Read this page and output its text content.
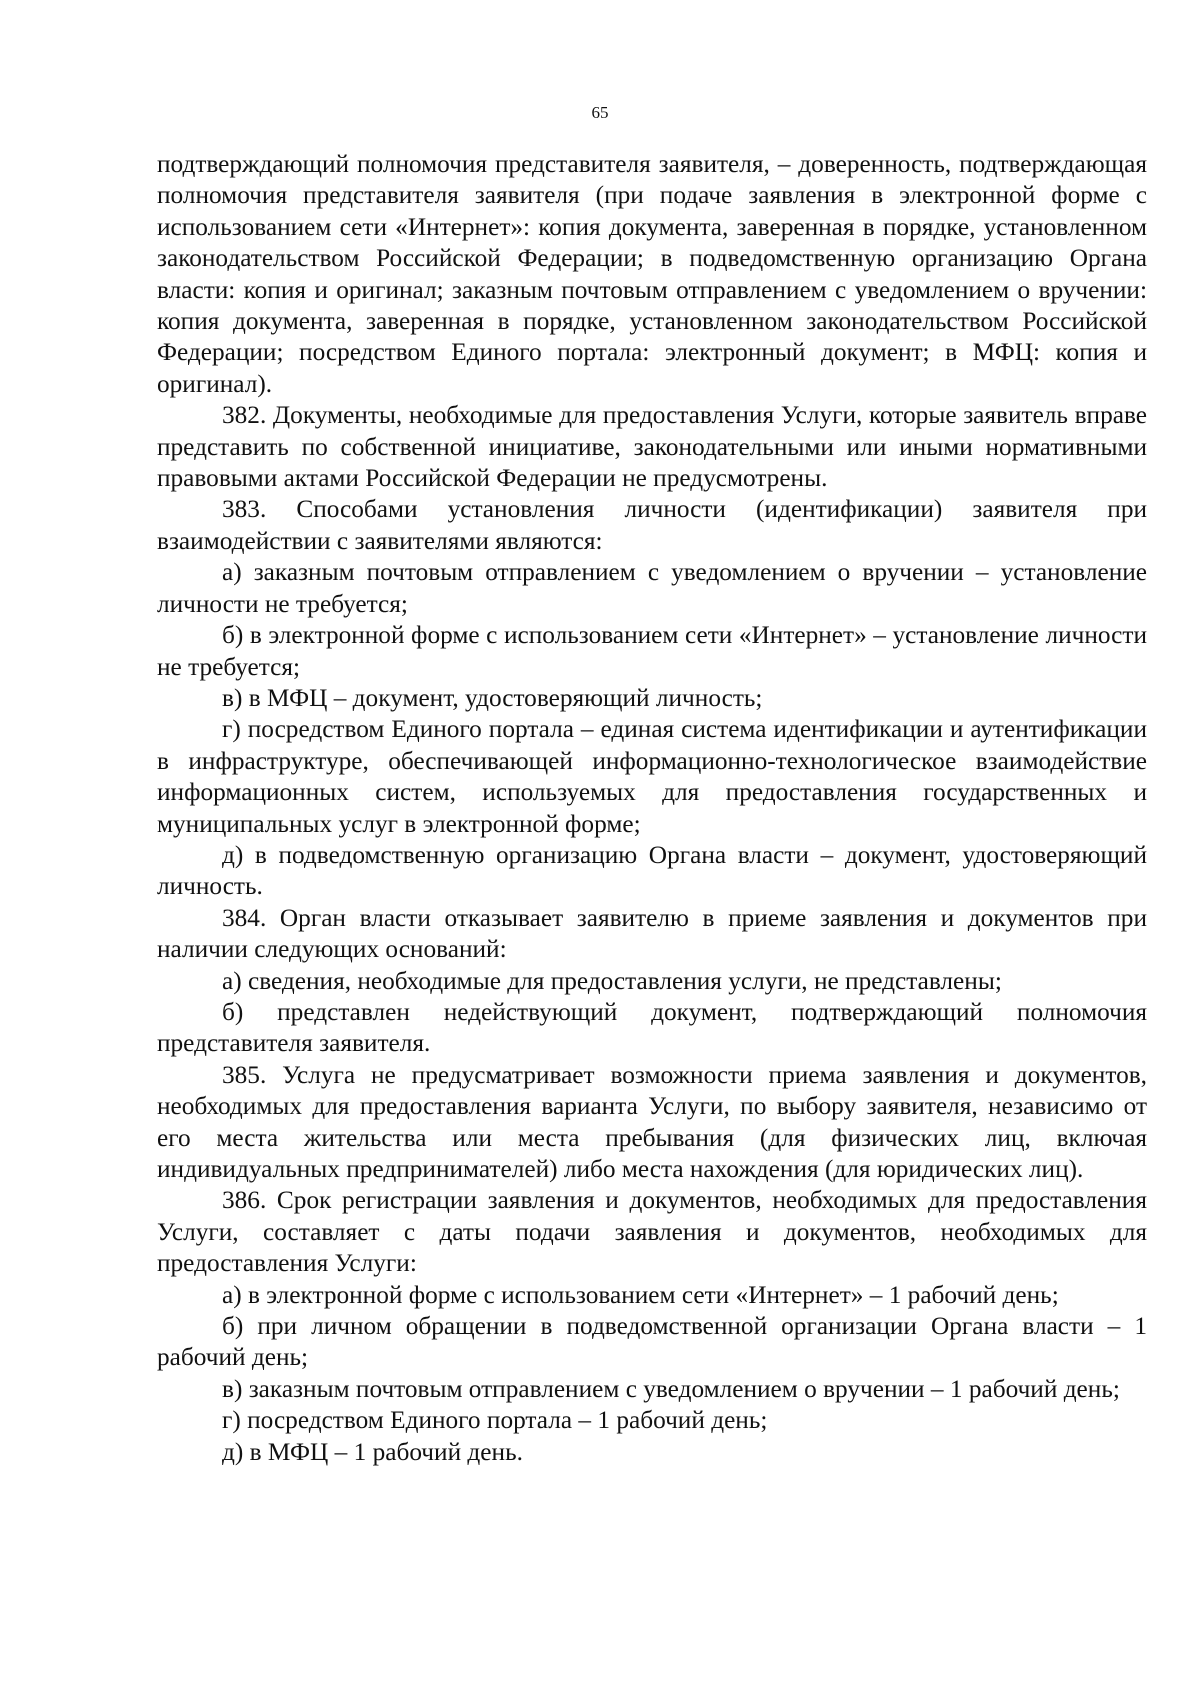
65

подтверждающий полномочия представителя заявителя, – доверенность, подтверждающая полномочия представителя заявителя (при подаче заявления в электронной форме с использованием сети «Интернет»: копия документа, заверенная в порядке, установленном законодательством Российской Федерации; в подведомственную организацию Органа власти: копия и оригинал; заказным почтовым отправлением с уведомлением о вручении: копия документа, заверенная в порядке, установленном законодательством Российской Федерации; посредством Единого портала: электронный документ; в МФЦ: копия и оригинал).

382. Документы, необходимые для предоставления Услуги, которые заявитель вправе представить по собственной инициативе, законодательными или иными нормативными правовыми актами Российской Федерации не предусмотрены.

383. Способами установления личности (идентификации) заявителя при взаимодействии с заявителями являются:

а) заказным почтовым отправлением с уведомлением о вручении – установление личности не требуется;

б) в электронной форме с использованием сети «Интернет» – установление личности не требуется;

в) в МФЦ – документ, удостоверяющий личность;

г) посредством Единого портала – единая система идентификации и аутентификации в инфраструктуре, обеспечивающей информационно-технологическое взаимодействие информационных систем, используемых для предоставления государственных и муниципальных услуг в электронной форме;

д) в подведомственную организацию Органа власти – документ, удостоверяющий личность.

384. Орган власти отказывает заявителю в приеме заявления и документов при наличии следующих оснований:

а) сведения, необходимые для предоставления услуги, не представлены;

б) представлен недействующий документ, подтверждающий полномочия представителя заявителя.

385. Услуга не предусматривает возможности приема заявления и документов, необходимых для предоставления варианта Услуги, по выбору заявителя, независимо от его места жительства или места пребывания (для физических лиц, включая индивидуальных предпринимателей) либо места нахождения (для юридических лиц).

386. Срок регистрации заявления и документов, необходимых для предоставления Услуги, составляет с даты подачи заявления и документов, необходимых для предоставления Услуги:

а) в электронной форме с использованием сети «Интернет» – 1 рабочий день;

б) при личном обращении в подведомственной организации Органа власти – 1 рабочий день;

в) заказным почтовым отправлением с уведомлением о вручении – 1 рабочий день;

г) посредством Единого портала – 1 рабочий день;

д) в МФЦ – 1 рабочий день.
